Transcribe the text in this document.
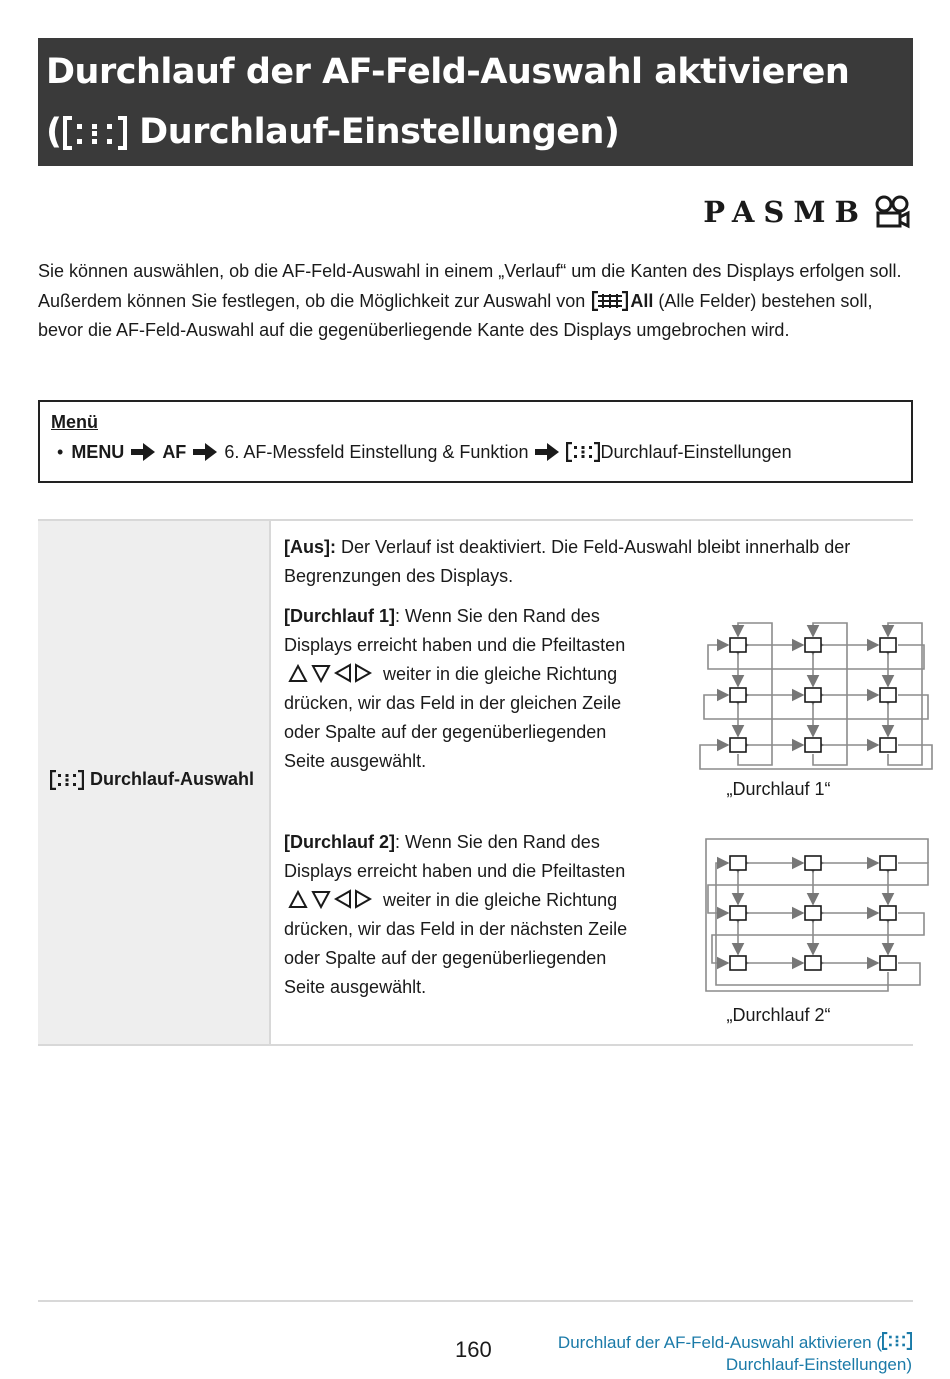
Durchlauf der AF-Feld-Auswahl aktivieren
( Durchlauf-Einstellungen)
PASMB
Sie können auswählen, ob die AF-Feld-Auswahl in einem „Verlauf“ um die Kanten des Displays erfolgen soll. Außerdem können Sie festlegen, ob die Möglichkeit zur Auswahl von All (Alle Felder) bestehen soll, bevor die AF-Feld-Auswahl auf die gegenüberliegende Kante des Displays umgebrochen wird.
Menü
• MENU AF 6. AF-Messfeld Einstellung & Funktion	Durchlauf-Einstellungen
Durchlauf-Auswahl
[Aus]: Der Verlauf ist deaktiviert. Die Feld-Auswahl bleibt innerhalb der Begrenzungen des Displays.
[Durchlauf 1]: Wenn Sie den Rand des Displays erreicht haben und die Pfeiltasten  weiter in die gleiche Richtung drücken, wir das Feld in der gleichen Zeile oder Spalte auf der gegenüberliegenden Seite ausgewählt.
„Durchlauf 1“
[Durchlauf 2]: Wenn Sie den Rand des Displays erreicht haben und die Pfeiltasten  weiter in die gleiche Richtung drücken, wir das Feld in der nächsten Zeile oder Spalte auf der gegenüberliegenden Seite ausgewählt.
„Durchlauf 2“
160	Durchlauf der AF-Feld-Auswahl aktivieren (
Durchlauf-Einstellungen)
